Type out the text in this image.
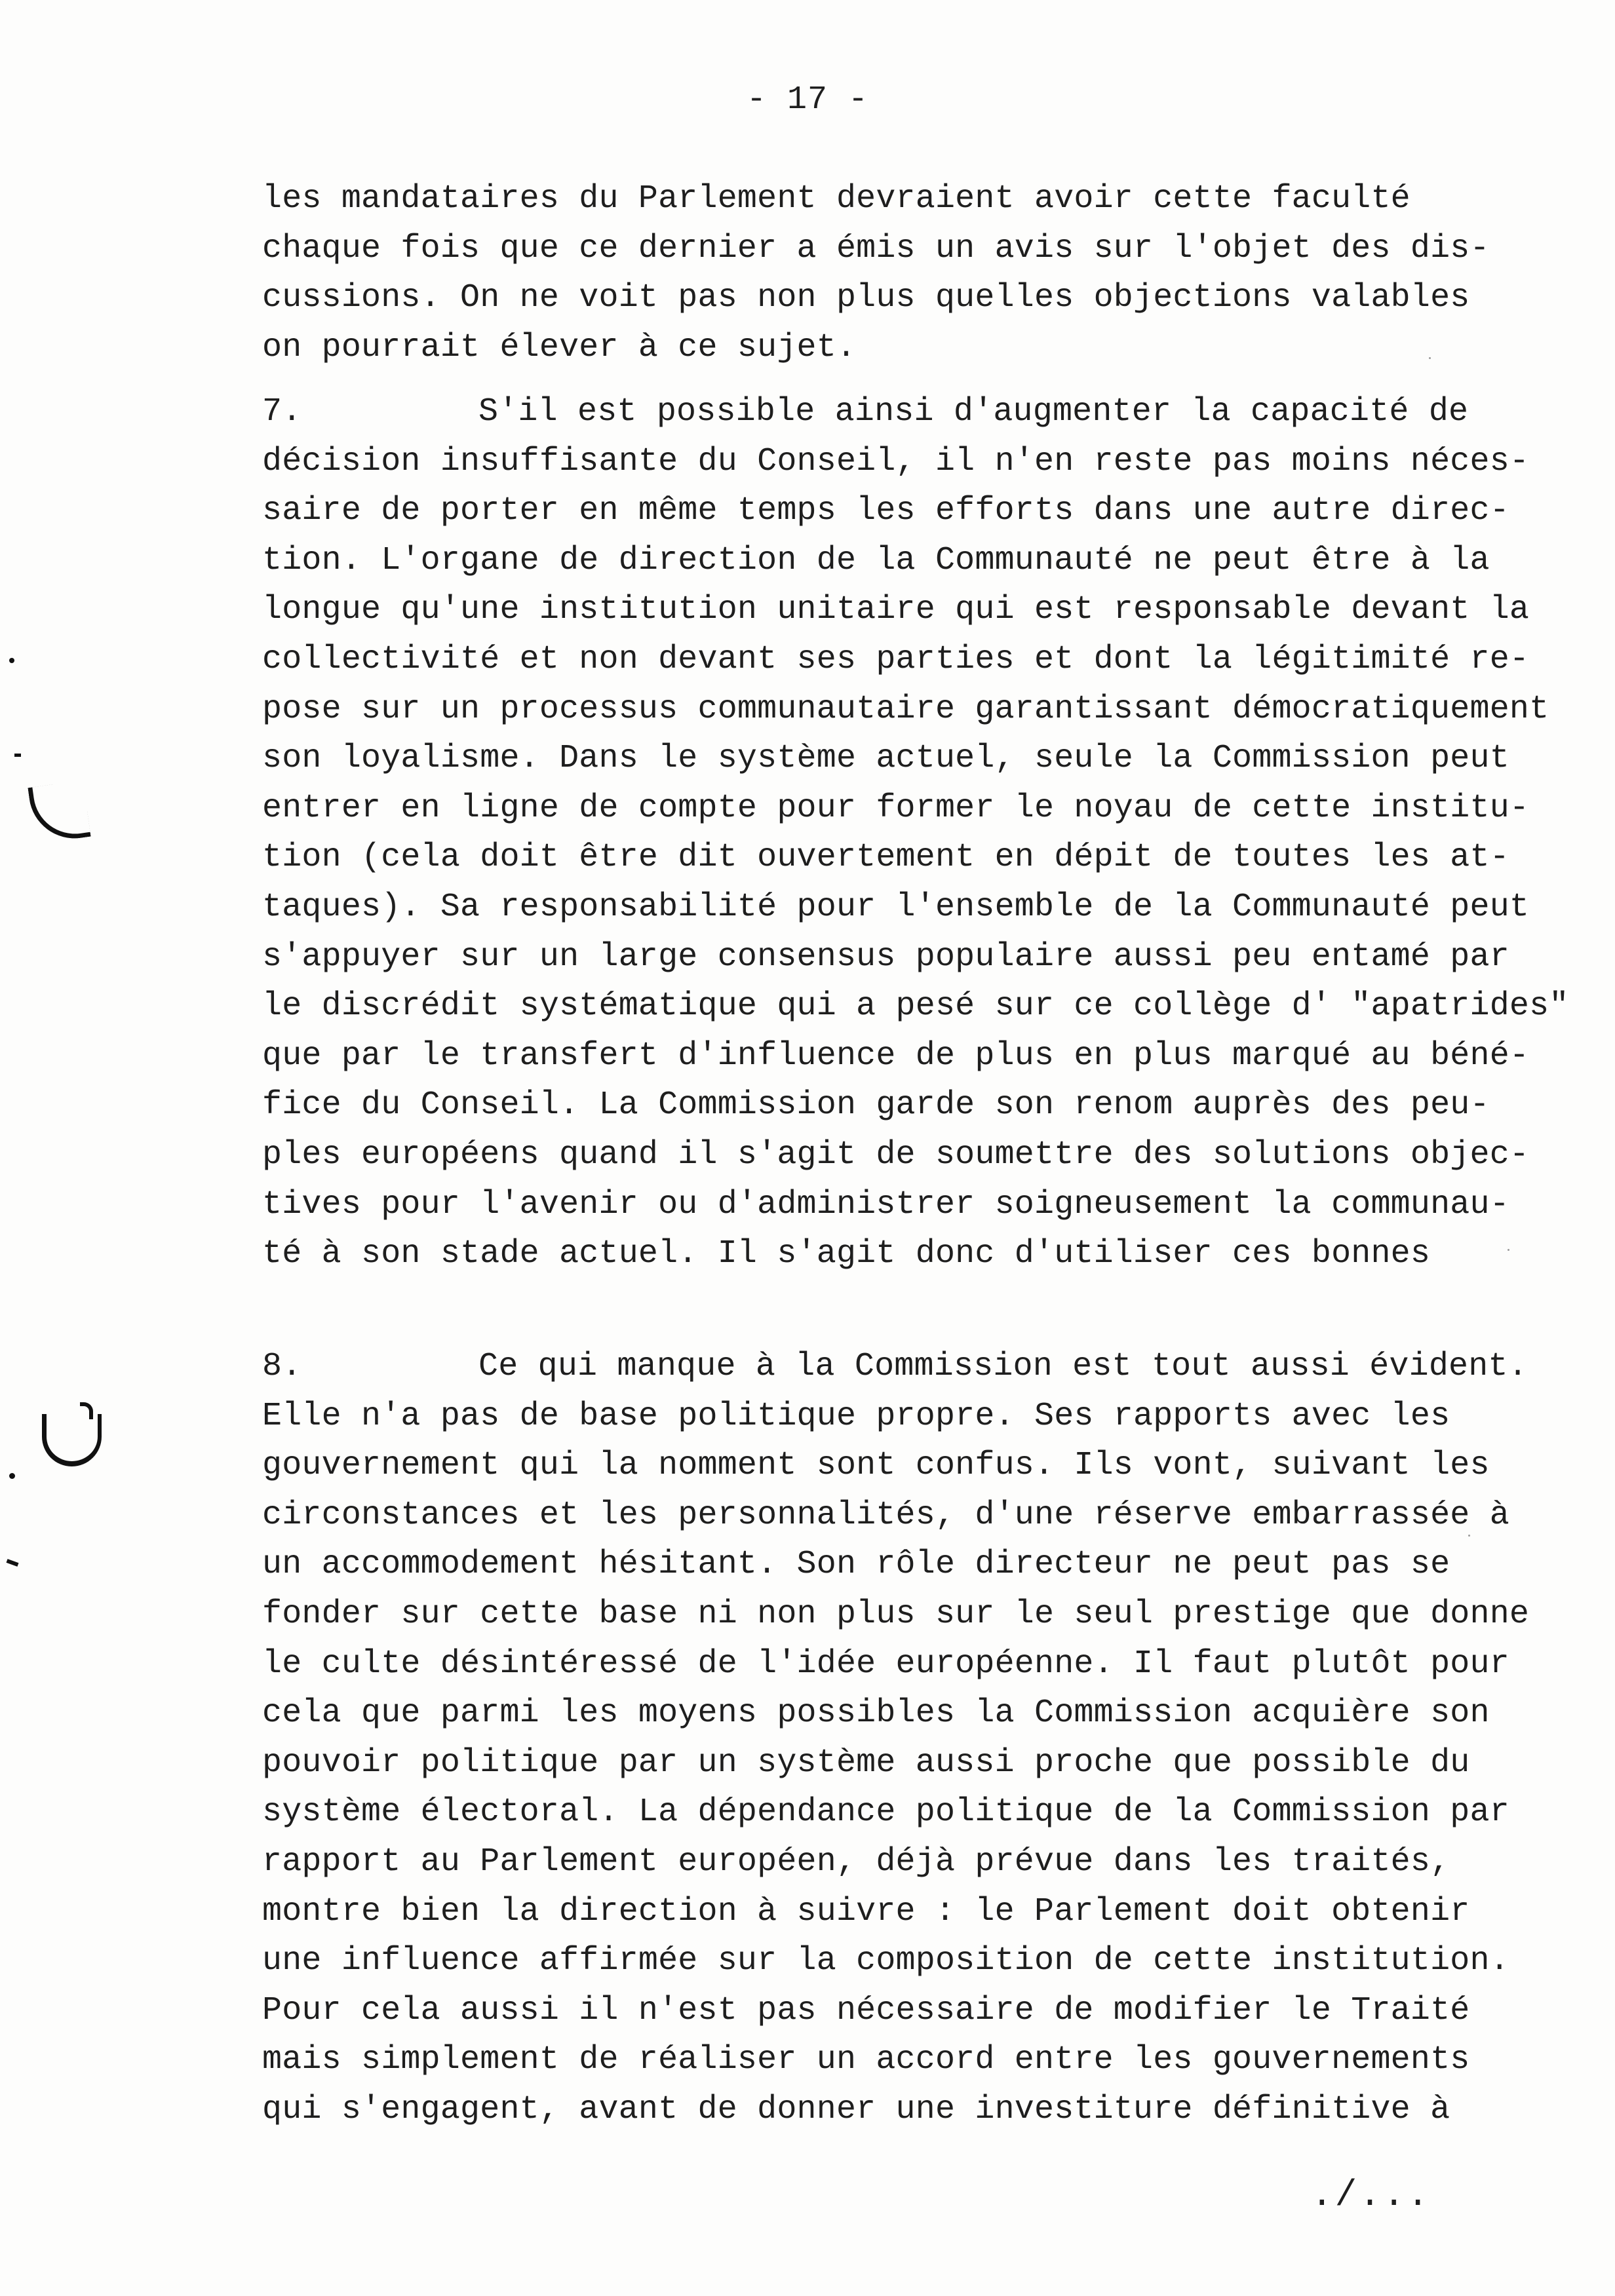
- 17 -
les mandataires du Parlement devraient avoir cette faculté
chaque fois que ce dernier a émis un avis sur l'objet des dis-
cussions. On ne voit pas non plus quelles objections valables
on pourrait élever à ce sujet.
7.	S'il est possible ainsi d'augmenter la capacité de
décision insuffisante du Conseil, il n'en reste pas moins néces-
saire de porter en même temps les efforts dans une autre direc-
tion. L'organe de direction de la Communauté ne peut être à la
longue qu'une institution unitaire qui est responsable devant la
collectivité et non devant ses parties et dont la légitimité re-
pose sur un processus communautaire garantissant démocratiquement
son loyalisme. Dans le système actuel, seule la Commission peut
entrer en ligne de compte pour former le noyau de cette institu-
tion (cela doit être dit ouvertement en dépit de toutes les at-
taques). Sa responsabilité pour l'ensemble de la Communauté peut
s'appuyer sur un large consensus populaire aussi peu entamé par
le discrédit systématique qui a pesé sur ce collège d' "apatrides"
que par le transfert d'influence de plus en plus marqué au béné-
fice du Conseil. La Commission garde son renom auprès des peu-
ples européens quand il s'agit de soumettre des solutions objec-
tives pour l'avenir ou d'administrer soigneusement la communau-
té à son stade actuel. Il s'agit donc d'utiliser ces bonnes
8.	Ce qui manque à la Commission est tout aussi évident.
Elle n'a pas de base politique propre. Ses rapports avec les
gouvernement qui la nomment sont confus. Ils vont, suivant les
circonstances et les personnalités, d'une réserve embarrassée à
un accommodement hésitant. Son rôle directeur ne peut pas se
fonder sur cette base ni non plus sur le seul prestige que donne
le culte désintéressé de l'idée européenne. Il faut plutôt pour
cela que parmi les moyens possibles la Commission acquière son
pouvoir politique par un système aussi proche que possible du
système électoral. La dépendance politique de la Commission par
rapport au Parlement européen, déjà prévue dans les traités,
montre bien la direction à suivre : le Parlement doit obtenir
une influence affirmée sur la composition de cette institution.
Pour cela aussi il n'est pas nécessaire de modifier le Traité
mais simplement de réaliser un accord entre les gouvernements
qui s'engagent, avant de donner une investiture définitive à
./...
